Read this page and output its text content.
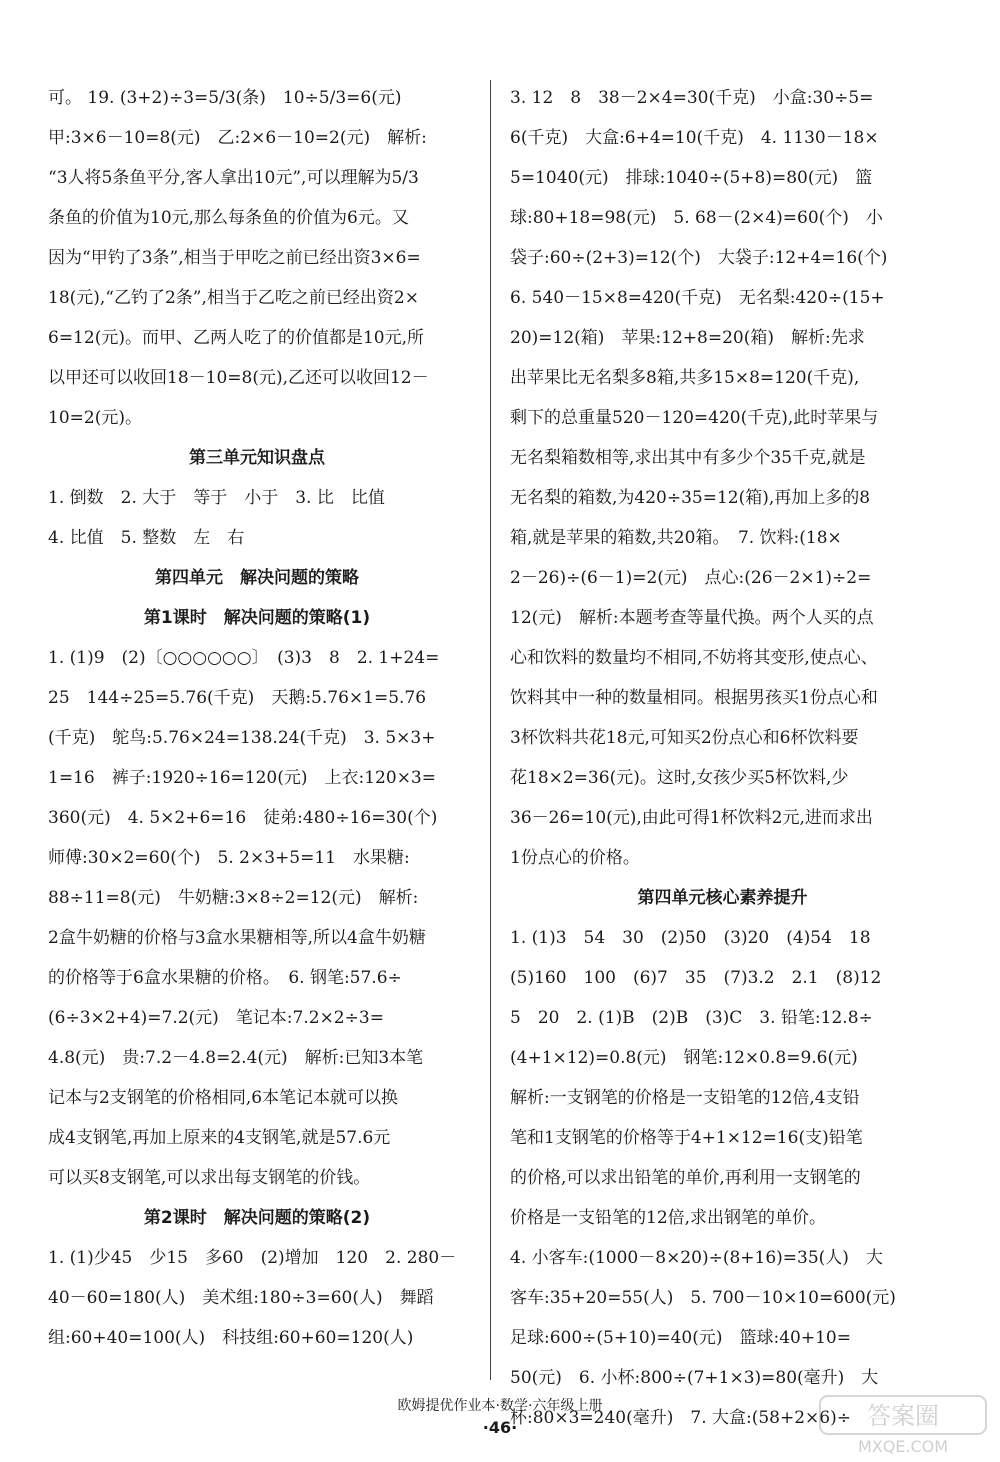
可。 19. (3+2)÷3=5/3(条)　10÷5/3=6(元)
甲:3×6－10=8(元)　乙:2×6－10=2(元)　解析:
“3人将5条鱼平分,客人拿出10元”,可以理解为5/3
条鱼的价值为10元,那么每条鱼的价值为6元。又
因为“甲钓了3条”,相当于甲吃之前已经出资3×6=
18(元),“乙钓了2条”,相当于乙吃之前已经出资2×
6=12(元)。而甲、乙两人吃了的价值都是10元,所
以甲还可以收回18－10=8(元),乙还可以收回12－
10=2(元)。
第三单元知识盘点
1. 倒数　2. 大于　等于　小于　3. 比　比值
4. 比值　5. 整数　左　右
第四单元　解决问题的策略
第1课时　解决问题的策略(1)
1. (1)9　(2)〔○○○○○○〕　(3)3　8　2. 1+24=
25　144÷25=5.76(千克)　天鹅:5.76×1=5.76
(千克)　鸵鸟:5.76×24=138.24(千克)　3. 5×3+
1=16　裤子:1920÷16=120(元)　上衣:120×3=
360(元)　4. 5×2+6=16　徒弟:480÷16=30(个)
师傅:30×2=60(个)　5. 2×3+5=11　水果糖:
88÷11=8(元)　牛奶糖:3×8÷2=12(元)　解析:
2盒牛奶糖的价格与3盒水果糖相等,所以4盒牛奶糖
的价格等于6盒水果糖的价格。　6. 钢笔:57.6÷
(6÷3×2+4)=7.2(元)　笔记本:7.2×2÷3=
4.8(元)　贵:7.2－4.8=2.4(元)　解析:已知3本笔
记本与2支钢笔的价格相同,6本笔记本就可以换
成4支钢笔,再加上原来的4支钢笔,就是57.6元
可以买8支钢笔,可以求出每支钢笔的价钱。
第2课时　解决问题的策略(2)
1. (1)少45　少15　多60　(2)增加　120　2. 280－
40－60=180(人)　美术组:180÷3=60(人)　舞蹈
组:60+40=100(人)　科技组:60+60=120(人)
3. 12　8　38－2×4=30(千克)　小盒:30÷5=
6(千克)　大盒:6+4=10(千克)　4. 1130－18×
5=1040(元)　排球:1040÷(5+8)=80(元)　篮
球:80+18=98(元)　5. 68－(2×4)=60(个)　小
袋子:60÷(2+3)=12(个)　大袋子:12+4=16(个)
6. 540－15×8=420(千克)　无名梨:420÷(15+
20)=12(箱)　苹果:12+8=20(箱)　解析:先求
出苹果比无名梨多8箱,共多15×8=120(千克),
剩下的总重量520－120=420(千克),此时苹果与
无名梨箱数相等,求出其中有多少个35千克,就是
无名梨的箱数,为420÷35=12(箱),再加上多的8
箱,就是苹果的箱数,共20箱。　7. 饮料:(18×
2－26)÷(6－1)=2(元)　点心:(26－2×1)÷2=
12(元)　解析:本题考查等量代换。两个人买的点
心和饮料的数量均不相同,不妨将其变形,使点心、
饮料其中一种的数量相同。根据男孩买1份点心和
3杯饮料共花18元,可知买2份点心和6杯饮料要
花18×2=36(元)。这时,女孩少买5杯饮料,少
36－26=10(元),由此可得1杯饮料2元,进而求出
1份点心的价格。
第四单元核心素养提升
1. (1)3　54　30　(2)50　(3)20　(4)54　18
(5)160　100　(6)7　35　(7)3.2　2.1　(8)12
5　20　2. (1)B　(2)B　(3)C　3. 铅笔:12.8÷
(4+1×12)=0.8(元)　钢笔:12×0.8=9.6(元)
解析:一支钢笔的价格是一支铅笔的12倍,4支铅
笔和1支钢笔的价格等于4+1×12=16(支)铅笔
的价格,可以求出铅笔的单价,再利用一支钢笔的
价格是一支铅笔的12倍,求出钢笔的单价。
4. 小客车:(1000－8×20)÷(8+16)=35(人)　大
客车:35+20=55(人)　5. 700－10×10=600(元)
足球:600÷(5+10)=40(元)　篮球:40+10=
50(元)　6. 小杯:800÷(7+1×3)=80(毫升)　大
杯:80×3=240(毫升)　7. 大盒:(58+2×6)÷
欧姆提优作业本·数学·六年级上册
·46·	答案圈
MXQE.COM
